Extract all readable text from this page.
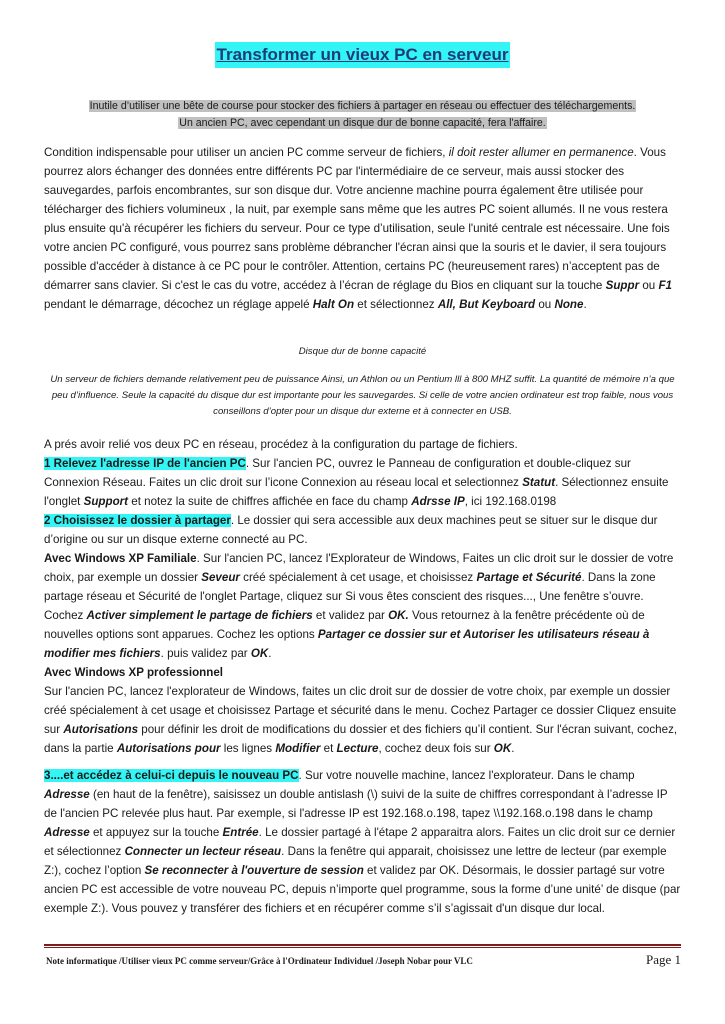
Transformer un vieux PC en serveur
Inutile d’utiliser une bête de course pour stocker des fichiers à partager en réseau ou effectuer des téléchargements.
Un ancien PC, avec cependant un disque dur de bonne capacité, fera l'affaire.
Condition indispensable pour utiliser un ancien PC comme serveur de fichiers, il doit rester allumer en permanence. Vous pourrez alors échanger des données entre différents PC par l'intermédiaire de ce serveur, mais aussi stocker des sauvegardes, parfois encombrantes, sur son disque dur. Votre ancienne machine pourra également être utilisée pour télécharger des fichiers volumineux , la nuit, par exemple sans même que les autres PC soient allumés. Il ne vous restera plus ensuite qu'à récupérer les fichiers du serveur. Pour ce type d’utilisation, seule l'unité centrale est nécessaire. Une fois votre ancien PC configuré, vous pourrez sans problème débrancher l'écran ainsi que la souris et le davier, il sera toujours possible d'accéder à distance à ce PC pour le contrôler. Attention, certains PC (heureusement rares) n’acceptent pas de démarrer sans clavier. Si c'est le cas du votre, accédez à l’écran de réglage du Bios en cliquant sur la touche Suppr ou F1 pendant le démarrage, décochez un réglage appelé Halt On et sélectionnez All, But Keyboard ou None.
Disque dur de bonne capacité
Un serveur de fichiers demande relativement peu de puissance Ainsi, un Athlon ou un Pentium lll à 800 MHZ suffit. La quantité de mémoire n’a que peu d’influence. Seule la capacité du disque dur est importante pour les sauvegardes. Si celle de votre ancien ordinateur est trop faible, nous vous conseillons d’opter pour un disque dur externe et à connecter en USB.
A prés avoir relié vos deux PC en réseau, procédez à la configuration du partage de fichiers.
1 Relevez l'adresse IP de l'ancien PC. Sur l'ancien PC, ouvrez le Panneau de configuration et double-cliquez sur Connexion Réseau. Faites un clic droit sur l’icone Connexion au réseau local et selectionnez Statut. Sélectionnez ensuite l'onglet Support et notez la suite de chiffres affichée en face du champ Adrsse IP, ici 192.168.0198
2 Choisissez le dossier à partager. Le dossier qui sera accessible aux deux machines peut se situer sur le disque dur d’origine ou sur un disque externe connecté au PC.
Avec Windows XP Familiale. Sur l'ancien PC, lancez l'Explorateur de Windows, Faites un clic droit sur le dossier de votre choix, par exemple un dossier Seveur créé spécialement à cet usage, et choisissez Partage et Sécurité. Dans la zone partage réseau et Sécurité de l'onglet Partage, cliquez sur Si vous êtes conscient des risques..., Une fenêtre s’ouvre. Cochez Activer simplement le partage de fichiers et validez par OK. Vous retournez à la fenêtre précédente où de nouvelles options sont apparues. Cochez les options Partager ce dossier sur et Autoriser les utilisateurs réseau à modifier mes fichiers. puis validez par OK.
Avec Windows XP professionnel
Sur l'ancien PC, lancez l'explorateur de Windows, faites un clic droit sur de dossier de votre choix, par exemple un dossier créé spécialement à cet usage et choisissez Partage et sécurité dans le menu. Cochez Partager ce dossier Cliquez ensuite sur Autorisations pour définir les droit de modifications du dossier et des fichiers qu’il contient. Sur l'écran suivant, cochez, dans la partie Autorisations pour les lignes Modifier et Lecture, cochez deux fois sur OK.
3....et accédez à celui-ci depuis le nouveau PC. Sur votre nouvelle machine, lancez l'explorateur. Dans le champ Adresse (en haut de la fenêtre), saisissez un double antislash (\) suivi de la suite de chiffres correspondant à l’adresse IP de l'ancien PC relevée plus haut. Par exemple, si l'adresse IP est 192.168.o.198, tapez \\192.168.o.198 dans le champ Adresse et appuyez sur la touche Entrée. Le dossier partagé à l'étape 2 apparaitra alors. Faites un clic droit sur ce dernier et sélectionnez Connecter un lecteur réseau. Dans la fenêtre qui apparait, choisissez une lettre de lecteur (par exemple Z:), cochez l’option Se reconnecter à l'ouverture de session et validez par OK. Désormais, le dossier partagé sur votre ancien PC est accessible de votre nouveau PC, depuis n’importe quel programme, sous la forme d’une unité’ de disque (par exemple Z:). Vous pouvez y transférer des fichiers et en récupérer comme s’il s’agissait d'un disque dur local.
Note informatique /Utiliser vieux PC comme serveur/Grâce à l'Ordinateur Individuel /Joseph Nobar pour VLC	Page 1
